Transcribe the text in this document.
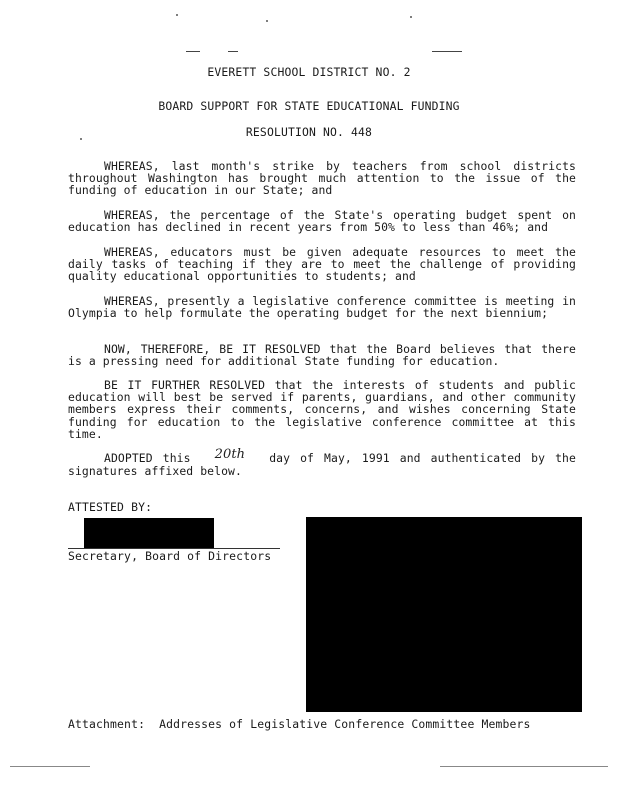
EVERETT SCHOOL DISTRICT NO. 2
BOARD SUPPORT FOR STATE EDUCATIONAL FUNDING
RESOLUTION NO. 448
WHEREAS, last month's strike by teachers from school districts throughout Washington has brought much attention to the issue of the funding of education in our State; and
WHEREAS, the percentage of the State's operating budget spent on education has declined in recent years from 50% to less than 46%; and
WHEREAS, educators must be given adequate resources to meet the daily tasks of teaching if they are to meet the challenge of providing quality educational opportunities to students; and
WHEREAS, presently a legislative conference committee is meeting in Olympia to help formulate the operating budget for the next biennium;
NOW, THEREFORE, BE IT RESOLVED that the Board believes that there is a pressing need for additional State funding for education.
BE IT FURTHER RESOLVED that the interests of students and public education will best be served if parents, guardians, and other community members express their comments, concerns, and wishes concerning State funding for education to the legislative conference committee at this time.
ADOPTED this 20th day of May, 1991 and authenticated by the signatures affixed below.
ATTESTED BY:
Secretary, Board of Directors
Attachment:  Addresses of Legislative Conference Committee Members
